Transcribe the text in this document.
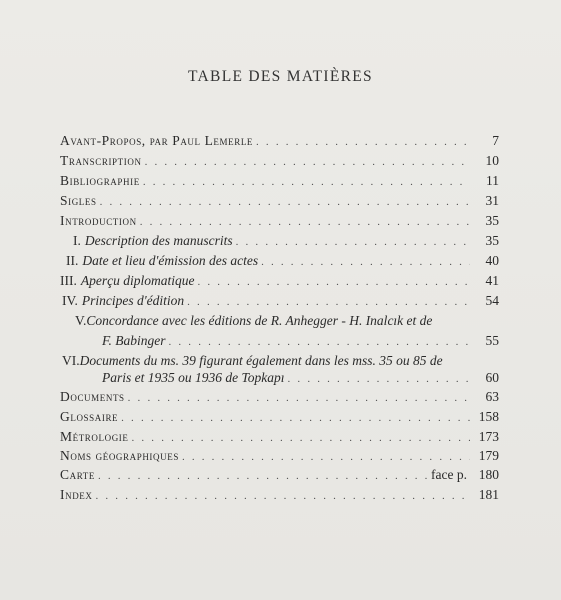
TABLE DES MATIÈRES
Avant-Propos, par Paul Lemerle . . .	7
Transcription . . .	10
Bibliographie . . .	11
Sigles . . .	31
Introduction . . .	35
I. Description des manuscrits . . .	35
II. Date et lieu d'émission des actes . . .	40
III. Aperçu diplomatique . . .	41
IV. Principes d'édition . . .	54
V.Concordance avec les éditions de R. Anhegger - H. Inalcık et de
F. Babinger . . .	55
VI.Documents du ms. 39 figurant également dans les mss. 35 ou 85 de
Paris et 1935 ou 1936 de Topkapı . . .	60
Documents . . .	63
Glossaire . . .	158
Métrologie . . .	173
Noms géographiques . . .	179
Carte . . .	face p. 180
Index . . .	181
